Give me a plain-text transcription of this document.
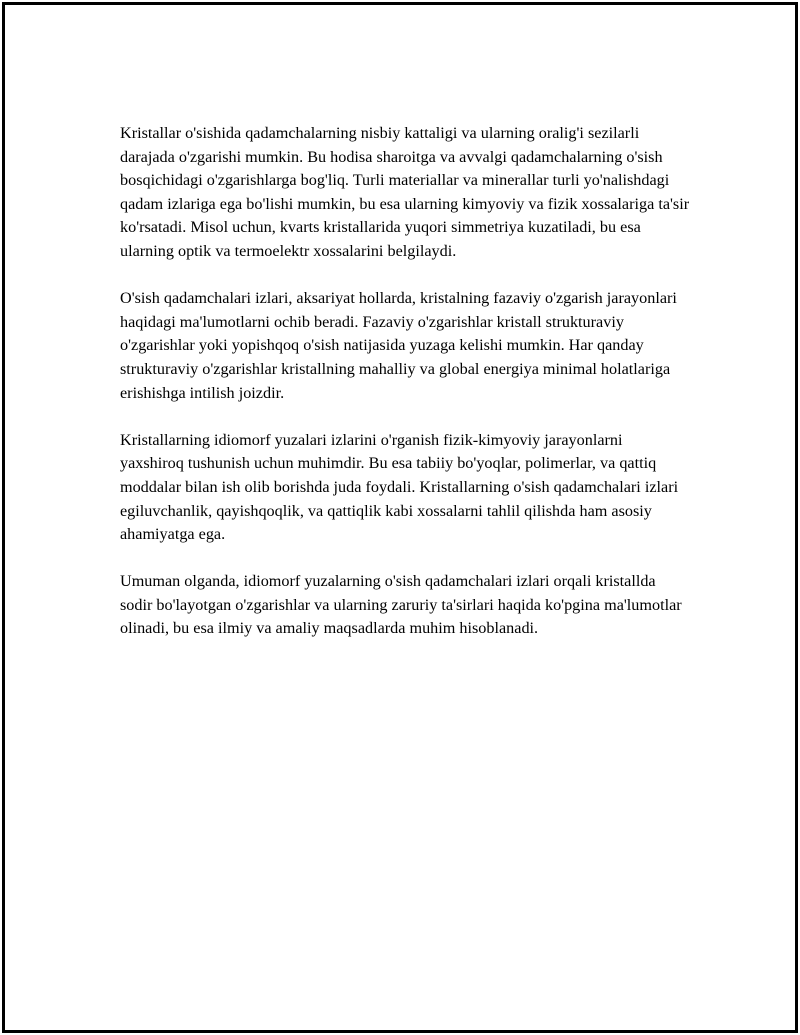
Kristallar o'sishida qadamchalarning nisbiy kattaligi va ularning oralig'i sezilarli darajada o'zgarishi mumkin. Bu hodisa sharoitga va avvalgi qadamchalarning o'sish bosqichidagi o'zgarishlarga bog'liq. Turli materiallar va minerallar turli yo'nalishdagi qadam izlariga ega bo'lishi mumkin, bu esa ularning kimyoviy va fizik xossalariga ta'sir ko'rsatadi. Misol uchun, kvarts kristallarida yuqori simmetriya kuzatiladi, bu esa ularning optik va termoelektr xossalarini belgilaydi.

O'sish qadamchalari izlari, aksariyat hollarda, kristalning fazaviy o'zgarish jarayonlari haqidagi ma'lumotlarni ochib beradi. Fazaviy o'zgarishlar kristall strukturaviy o'zgarishlar yoki yopishqoq o'sish natijasida yuzaga kelishi mumkin. Har qanday strukturaviy o'zgarishlar kristallning mahalliy va global energiya minimal holatlariga erishishga intilish joizdir.

Kristallarning idiomorf yuzalari izlarini o'rganish fizik-kimyoviy jarayonlarni yaxshiroq tushunish uchun muhimdir. Bu esa tabiiy bo'yoqlar, polimerlar, va qattiq moddalar bilan ish olib borishda juda foydali. Kristallarning o'sish qadamchalari izlari egiluvchanlik, qayishqoqlik, va qattiqlik kabi xossalarni tahlil qilishda ham asosiy ahamiyatga ega.

Umuman olganda, idiomorf yuzalarning o'sish qadamchalari izlari orqali kristalldа sodir bo'layotgan o'zgarishlar va ularning zaruriy ta'sirlari haqida ko'pgina ma'lumotlar olinadi, bu esa ilmiy va amaliy maqsadlarda muhim hisoblanadi.
